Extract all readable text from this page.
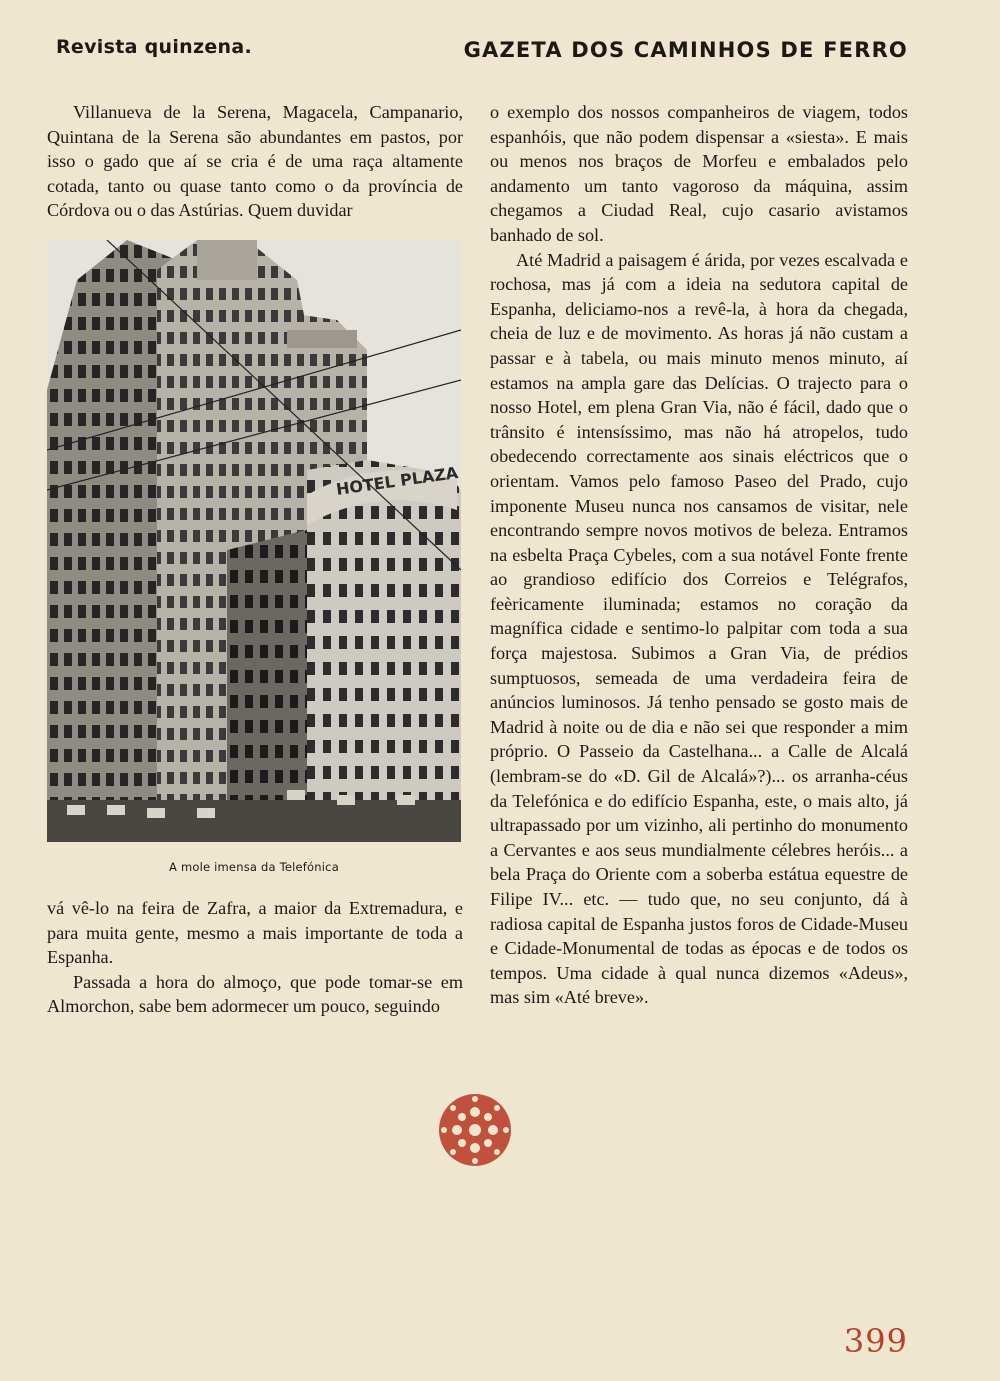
Revista quinzena.	GAZETA DOS CAMINHOS DE FERRO

Villanueva de la Serena, Magacela, Campanario, Quintana de la Serena são abundantes em pastos, por isso o gado que aí se cria é de uma raça altamente cotada, tanto ou quase tanto como o da província de Córdova ou o das Astúrias. Quem duvidar

HOTEL PLAZA
A mole imensa da Telefónica

vá vê-lo na feira de Zafra, a maior da Extremadura, e para muita gente, mesmo a mais importante de toda a Espanha.

Passada a hora do almoço, que pode tomar-se em Almorchon, sabe bem adormecer um pouco, seguindo

o exemplo dos nossos companheiros de viagem, todos espanhóis, que não podem dispensar a «siesta». E mais ou menos nos braços de Morfeu e embalados pelo andamento um tanto vagoroso da máquina, assim chegamos a Ciudad Real, cujo casario avistamos banhado de sol.

Até Madrid a paisagem é árida, por vezes escalvada e rochosa, mas já com a ideia na sedutora capital de Espanha, deliciamo-nos a revê-la, à hora da chegada, cheia de luz e de movimento. As horas já não custam a passar e à tabela, ou mais minuto menos minuto, aí estamos na ampla gare das Delícias. O trajecto para o nosso Hotel, em plena Gran Via, não é fácil, dado que o trânsito é intensíssimo, mas não há atropelos, tudo obedecendo correctamente aos sinais eléctricos que o orientam. Vamos pelo famoso Paseo del Prado, cujo imponente Museu nunca nos cansamos de visitar, nele encontrando sempre novos motivos de beleza. Entramos na esbelta Praça Cybeles, com a sua notável Fonte frente ao grandioso edifício dos Correios e Telégrafos, feèricamente iluminada; estamos no coração da magnífica cidade e sentimo-lo palpitar com toda a sua força majestosa. Subimos a Gran Via, de prédios sumptuosos, semeada de uma verdadeira feira de anúncios luminosos. Já tenho pensado se gosto mais de Madrid à noite ou de dia e não sei que responder a mim próprio. O Passeio da Castelhana... a Calle de Alcalá (lembram-se do «D. Gil de Alcalá»?)... os arranha-céus da Telefónica e do edifício Espanha, este, o mais alto, já ultrapassado por um vizinho, ali pertinho do monumento a Cervantes e aos seus mundialmente célebres heróis... a bela Praça do Oriente com a soberba estátua equestre de Filipe IV... etc. — tudo que, no seu conjunto, dá à radiosa capital de Espanha justos foros de Cidade-Museu e Cidade-Monumental de todas as épocas e de todos os tempos. Uma cidade à qual nunca dizemos «Adeus», mas sim «Até breve».

399
